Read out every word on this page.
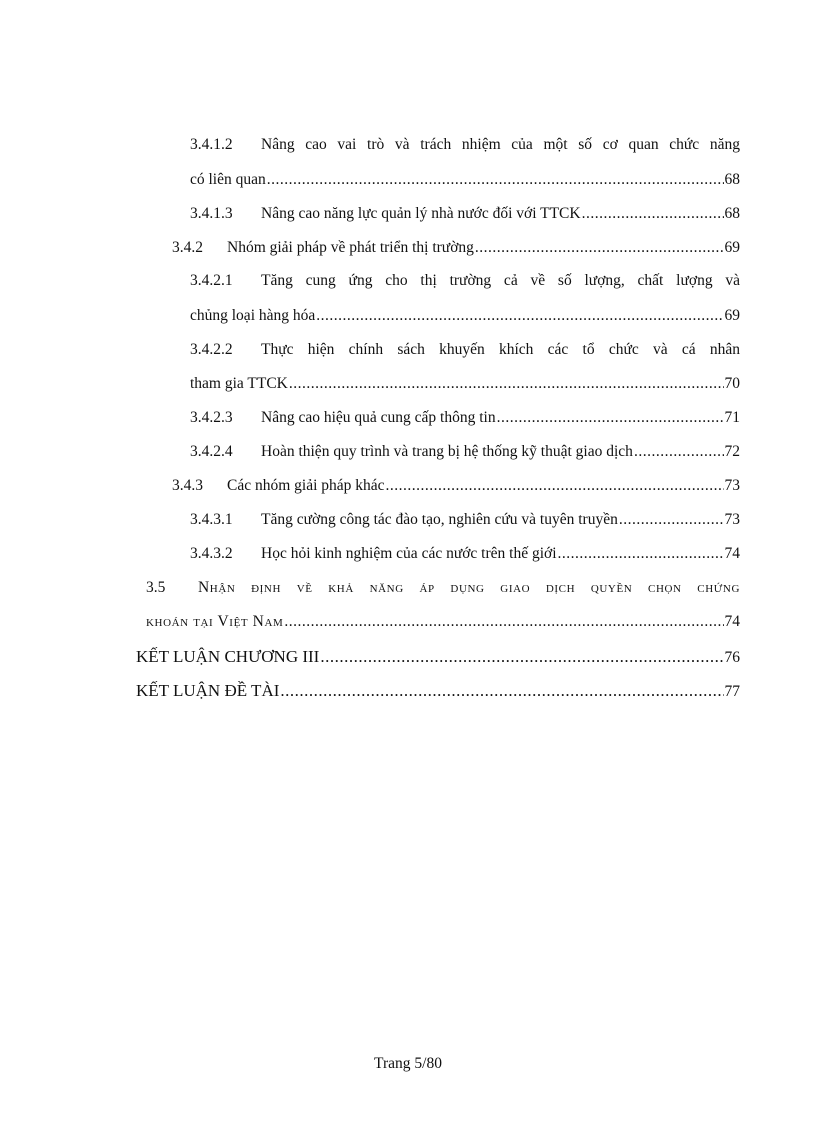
3.4.1.2	Nâng cao vai trò và trách nhiệm của một số cơ quan chức năng
có liên quan .....	68
3.4.1.3	Nâng cao năng lực quản lý nhà nước đối với TTCK .....	68
3.4.2	Nhóm giải pháp về phát triển thị trường .....	69
3.4.2.1	Tăng cung ứng cho thị trường cả về số lượng, chất lượng và
chủng loại hàng hóa .....	69
3.4.2.2	Thực hiện chính sách khuyến khích các tổ chức và cá nhân
tham gia TTCK .....	70
3.4.2.3	Nâng cao hiệu quả cung cấp thông tin .....	71
3.4.2.4	Hoàn thiện quy trình và trang bị hệ thống kỹ thuật giao dịch .....	72
3.4.3	Các nhóm giải pháp khác .....	73
3.4.3.1	Tăng cường công tác đào tạo, nghiên cứu và tuyên truyền .....	73
3.4.3.2	Học hỏi kinh nghiệm của các nước trên thế giới .....	74
3.5	Nhận định về khả năng áp dụng giao dịch quyền chọn chứng
khoán tại Việt Nam .....	74
KẾT LUẬN CHƯƠNG III .....	76
KẾT LUẬN ĐỀ TÀI .....	77
Trang 5/80
